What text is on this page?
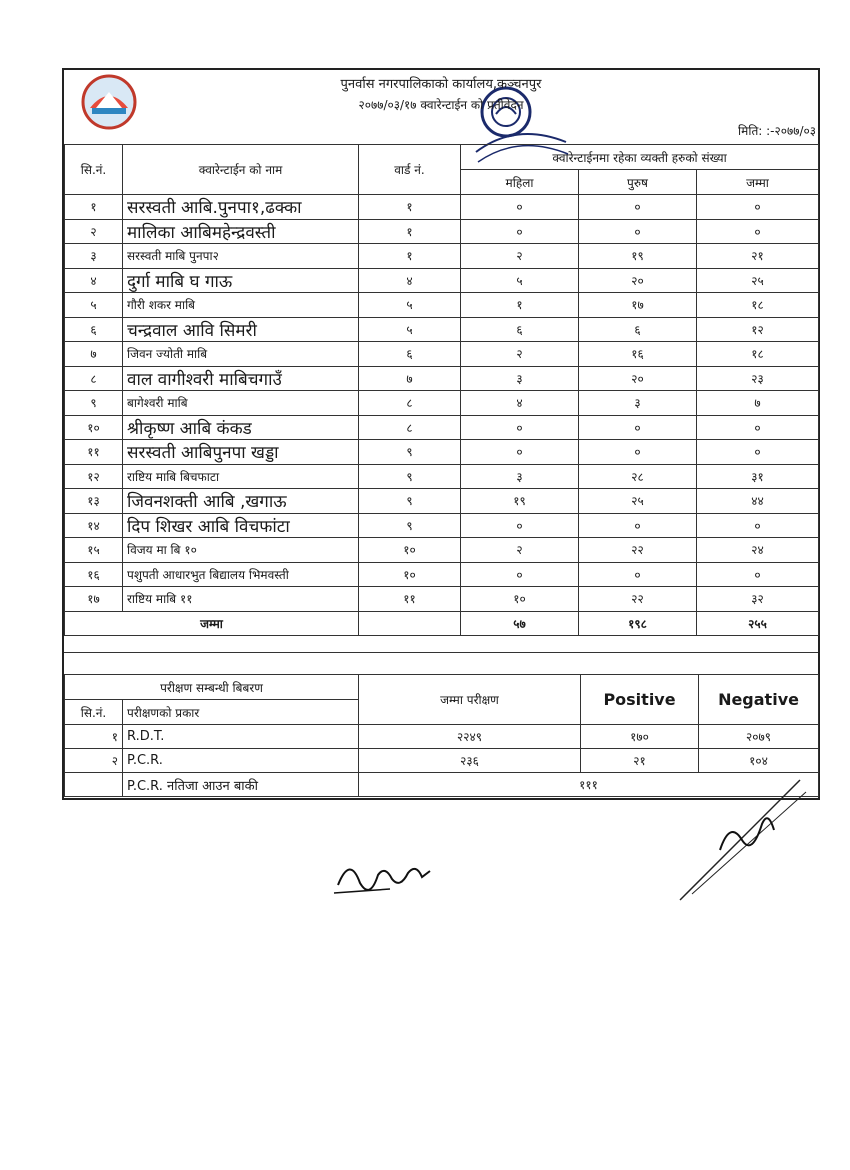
पुनर्वास नगरपालिकाको कार्यालय,कञ्चनपुर
२०७७/०३/१७ क्वारेन्टाईन को प्रतीवेदन
मिति: :-२०७७/०३
सि.नं.	क्वारेन्टाईन को नाम	वार्ड नं.	क्वारेन्टाईनमा रहेका व्यक्ती हरुको संख्या		
			महिला	पुरुष	जम्मा
१	सरस्वती आबि.पुनपा१,ढक्का	१	०	०	०
२	मालिका आबिमहेन्द्रवस्ती	१	०	०	०
३	सरस्वती माबि पुनपा२	१	२	१९	२१
४	दुर्गा माबि घ गाऊ	४	५	२०	२५
५	गौरी शकर माबि	५	१	१७	१८
६	चन्द्रवाल आवि सिमरी	५	६	६	१२
७	जिवन ज्योती माबि	६	२	१६	१८
८	वाल वागीश्वरी माबिचगाउँ	७	३	२०	२३
९	बागेश्वरी माबि	८	४	३	७
१०	श्रीकृष्ण आबि कंकड	८	०	०	०
११	सरस्वती आबिपुनपा खड्डा	९	०	०	०
१२	राष्टिय माबि बिचफाटा	९	३	२८	३१
१३	जिवनशक्ती आबि ,खगाऊ	९	१९	२५	४४
१४	दिप शिखर आबि विचफांटा	९	०	०	०
१५	विजय मा बि १०	१०	२	२२	२४
१६	पशुपती आधारभुत बिद्यालय भिमवस्ती	१०	०	०	०
१७	राष्टिय माबि ११	११	१०	२२	३२
जम्मा			५७	१९८	२५५
परीक्षण सम्बन्धी बिबरण		जम्मा परीक्षण	Positive	Negative
सि.नं.	परीक्षणको प्रकार			
१	R.D.T.	२२४९	१७०	२०७९
२	P.C.R.	२३६	२१	१०४
	P.C.R. नतिजा आउन बाकी	१११		
